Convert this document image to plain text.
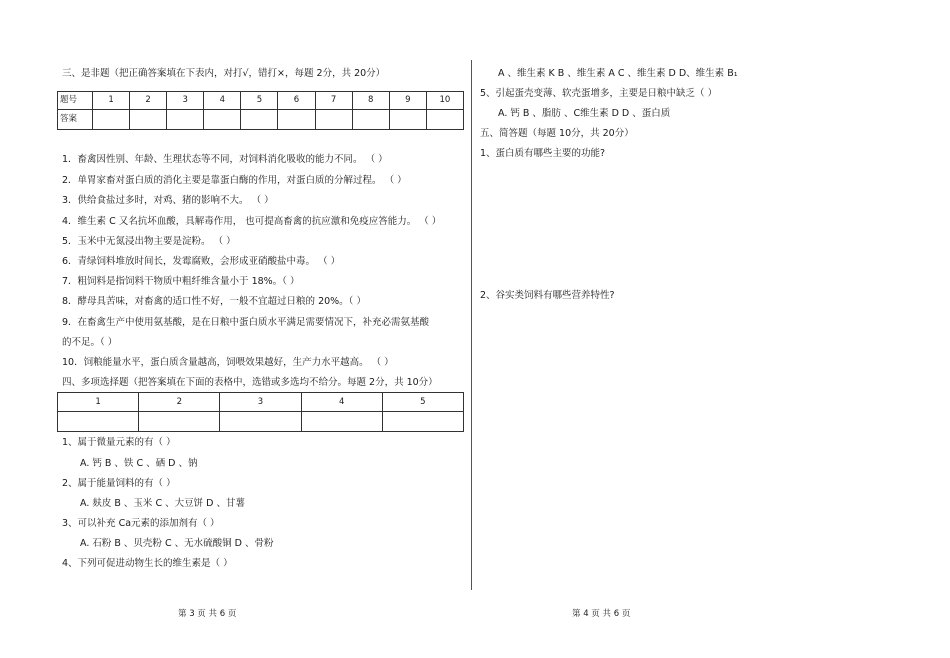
三、是非题（把正确答案填在下表内，对打√，错打×，每题 2分，共 20分）
题号	1	2	3	4	5	6	7	8	9	10
答案										
1．畜禽因性别、年龄、生理状态等不同，对饲料消化吸收的能力不同。 （ ）
2．单胃家畜对蛋白质的消化主要是靠蛋白酶的作用，对蛋白质的分解过程。 （ ）
3．供给食盐过多时，对鸡、猪的影响不大。 （ ）
4．维生素 C 又名抗坏血酸，具解毒作用， 也可提高畜禽的抗应激和免疫应答能力。 （ ）
5．玉米中无氮浸出物主要是淀粉。 （ ）
6．青绿饲料堆放时间长，发霉腐败，会形成亚硝酸盐中毒。 （ ）
7．粗饲料是指饲料干物质中粗纤维含量小于 18%。（ ）
8．酵母具苦味，对畜禽的适口性不好，一般不宜超过日粮的 20%。（ ）
9．在畜禽生产中使用氨基酸，是在日粮中蛋白质水平满足需要情况下，补充必需氨基酸
的不足。（ ）
10．饲粮能量水平，蛋白质含量越高，饲喂效果越好，生产力水平越高。 （ ）
四、多项选择题（把答案填在下面的表格中，选错或多选均不给分。每题 2分，共 10分）
1	2	3	4	5

1、属于微量元素的有（ ）
A. 钙 B 、铁 C 、硒 D 、钠
2、属于能量饲料的有（ ）
A. 麸皮 B 、玉米 C 、大豆饼 D 、甘薯
3、可以补充 Ca元素的添加剂有（ ）
A. 石粉 B 、贝壳粉 C 、无水硫酸铜 D 、骨粉
4、下列可促进动物生长的维生素是（ ）
第 3 页 共 6 页
A 、维生素 K B 、维生素 A C 、维生素 D D、维生素 B₁
5、引起蛋壳变薄、软壳蛋增多，主要是日粮中缺乏（ ）
A. 钙 B 、脂肪 、C维生素 D D 、蛋白质
五、简答题（每题 10分，共 20分）
1、蛋白质有哪些主要的功能?
2、谷实类饲料有哪些营养特性?
第 4 页 共 6 页
